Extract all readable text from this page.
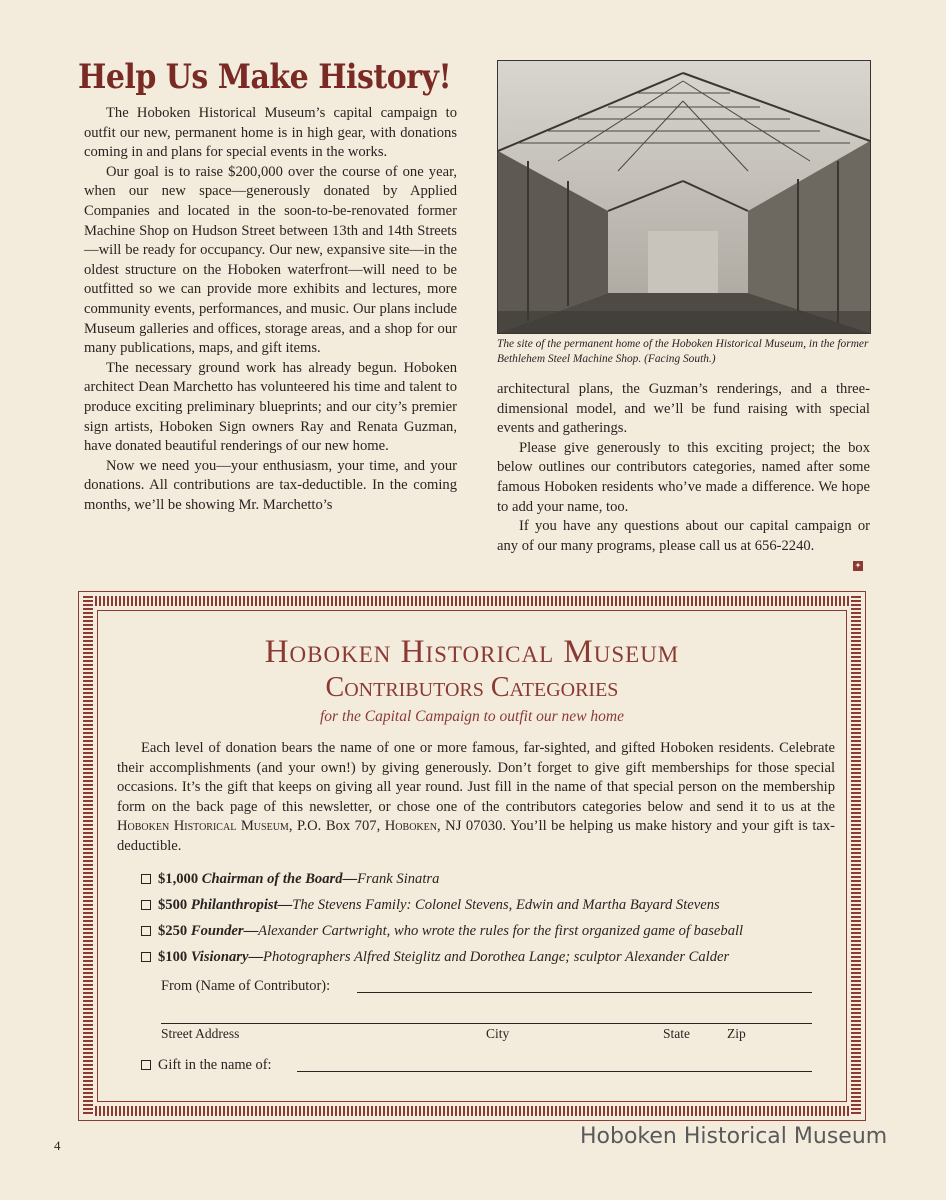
Help Us Make History!

The Hoboken Historical Museum’s capital campaign to outfit our new, permanent home is in high gear, with donations coming in and plans for special events in the works.

Our goal is to raise $200,000 over the course of one year, when our new space—generously donated by Applied Companies and located in the soon-to-be-renovated former Machine Shop on Hudson Street between 13th and 14th Streets—will be ready for occupancy. Our new, expansive site—in the oldest structure on the Hoboken waterfront—will need to be outfitted so we can provide more exhibits and lectures, more community events, performances, and music. Our plans include Museum galleries and offices, storage areas, and a shop for our many publications, maps, and gift items.

The necessary ground work has already begun. Hoboken architect Dean Marchetto has volunteered his time and talent to produce exciting preliminary blueprints; and our city’s premier sign artists, Hoboken Sign owners Ray and Renata Guzman, have donated beautiful renderings of our new home.

Now we need you—your enthusiasm, your time, and your donations. All contributions are tax-deductible. In the coming months, we’ll be showing Mr. Marchetto’s

The site of the permanent home of the Hoboken Historical Museum, in the former Bethlehem Steel Machine Shop. (Facing South.)

architectural plans, the Guzman’s renderings, and a three-dimensional model, and we’ll be fund raising with special events and gatherings.

Please give generously to this exciting project; the box below outlines our contributors categories, named after some famous Hoboken residents who’ve made a difference. We hope to add your name, too.

If you have any questions about our capital campaign or any of our many programs, please call us at 656-2240.

✦
Hoboken Historical Museum
Contributors Categories
for the Capital Campaign to outfit our new home
Each level of donation bears the name of one or more famous, far-sighted, and gifted Hoboken residents. Celebrate their accomplishments (and your own!) by giving generously. Don’t forget to give gift memberships for those special occasions. It’s the gift that keeps on giving all year round. Just fill in the name of that special person on the membership form on the back page of this newsletter, or chose one of the contributors categories below and send it to us at the Hoboken Historical Museum, P.O. Box 707, Hoboken, NJ 07030. You’ll be helping us make history and your gift is tax-deductible.
$1,000 Chairman of the Board—Frank Sinatra
$500 Philanthropist—The Stevens Family: Colonel Stevens, Edwin and Martha Bayard Stevens
$250 Founder—Alexander Cartwright, who wrote the rules for the first organized game of baseball
$100 Visionary—Photographers Alfred Steiglitz and Dorothea Lange; sculptor Alexander Calder
From (Name of Contributor):
Street Address	City	State	Zip
Gift in the name of:
4	Hoboken Historical Museum
